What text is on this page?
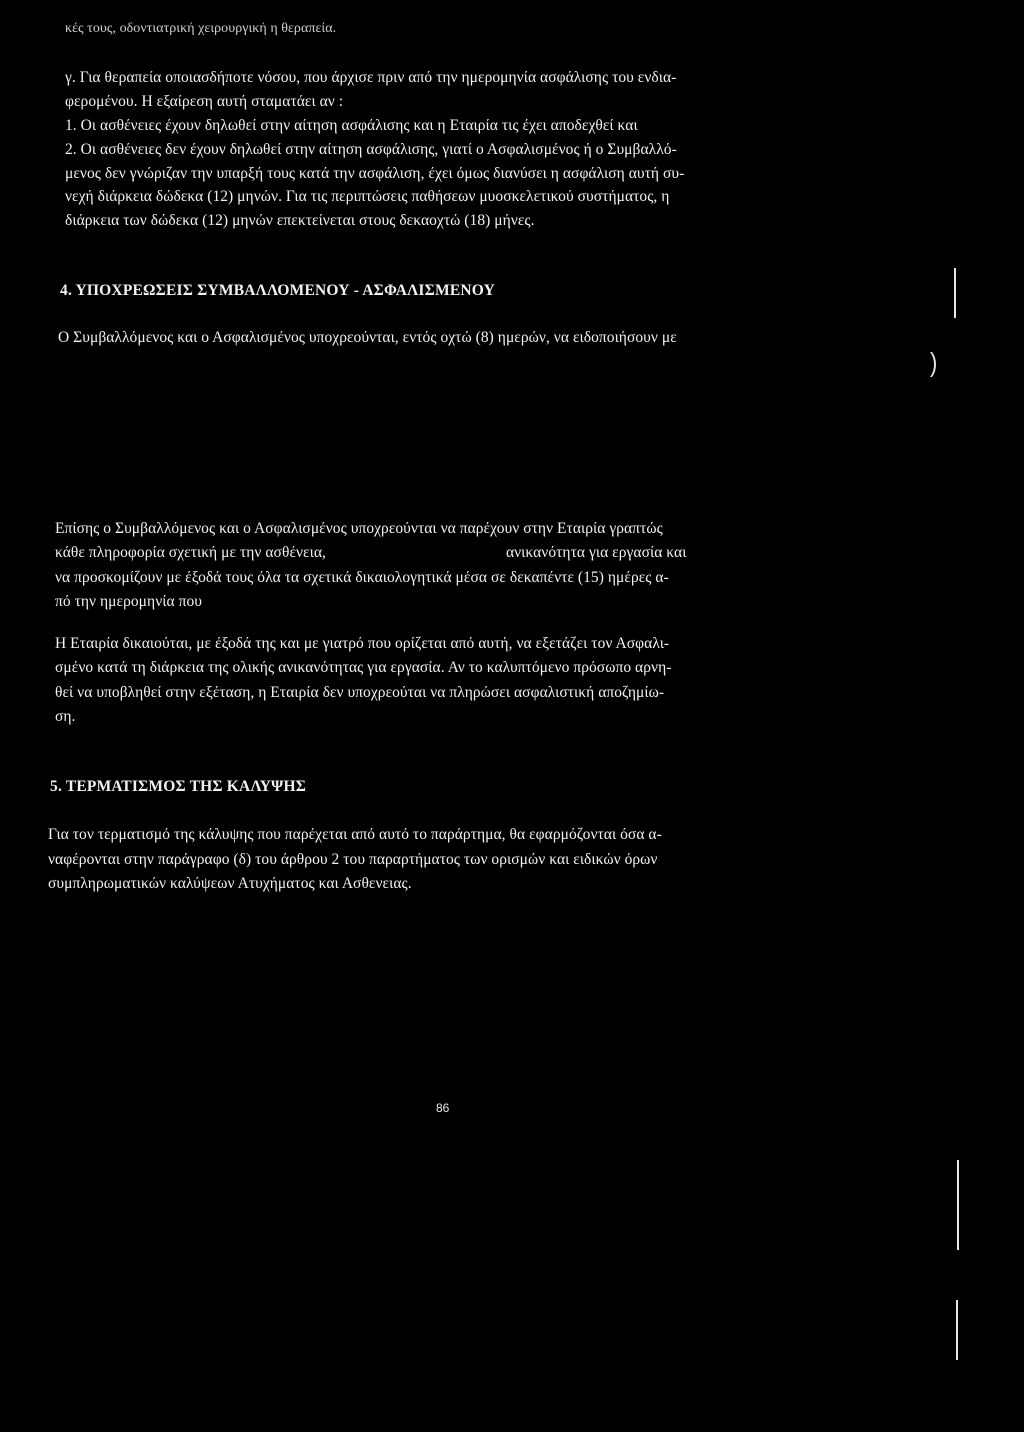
κές τους, οδοντιατρική χειρουργική η θεραπεία.
γ. Για θεραπεία οποιασδήποτε νόσου, που άρχισε πριν από την ημερομηνία ασφάλισης του ενδια-
φερομένου. Η εξαίρεση αυτή σταματάει αν :
1. Οι ασθένειες έχουν δηλωθεί στην αίτηση ασφάλισης και η Εταιρία τις έχει αποδεχθεί και
2. Οι ασθένειες δεν έχουν δηλωθεί στην αίτηση ασφάλισης, γιατί ο Ασφαλισμένος ή ο Συμβαλλό-
μενος δεν γνώριζαν την υπαρξή τους κατά την ασφάλιση, έχει όμως διανύσει η ασφάλιση αυτή συ-
νεχή διάρκεια δώδεκα (12) μηνών. Για τις περιπτώσεις παθήσεων μυοσκελετικού συστήματος, η
διάρκεια των δώδεκα (12) μηνών επεκτείνεται στους δεκαοχτώ (18) μήνες.
4. ΥΠΟΧΡΕΩΣΕΙΣ ΣΥΜΒΑΛΛΟΜΕΝΟΥ - ΑΣΦΑΛΙΣΜΕΝΟΥ
Ο Συμβαλλόμενος και ο Ασφαλισμένος υποχρεούνται, εντός οχτώ (8) ημερών, να ειδοποιήσουν με
Επίσης ο Συμβαλλόμενος και ο Ασφαλισμένος υποχρεούνται να παρέχουν στην Εταιρία γραπτώς
κάθε πληροφορία σχετική με την ασθένεια,	ανικανότητα για εργασία και
να προσκομίζουν με έξοδά τους όλα τα σχετικά δικαιολογητικά μέσα σε δεκαπέντε (15) ημέρες α-
πό την ημερομηνία που
Η Εταιρία δικαιούται, με έξοδά της και με γιατρό που ορίζεται από αυτή, να εξετάζει τον Ασφαλι-
σμένο κατά τη διάρκεια της ολικής ανικανότητας για εργασία. Αν το καλυπτόμενο πρόσωπο αρνη-
θεί να υποβληθεί στην εξέταση, η Εταιρία δεν υποχρεούται να πληρώσει ασφαλιστική αποζημίω-
ση.
5. ΤΕΡΜΑΤΙΣΜΟΣ ΤΗΣ ΚΑΛΥΨΗΣ
Για τον τερματισμό της κάλυψης που παρέχεται από αυτό το παράρτημα, θα εφαρμόζονται όσα α-
ναφέρονται στην παράγραφο (δ) του άρθρου 2 του παραρτήματος των ορισμών και ειδικών όρων
συμπληρωματικών καλύψεων Ατυχήματος και Ασθενειας.
86
)
